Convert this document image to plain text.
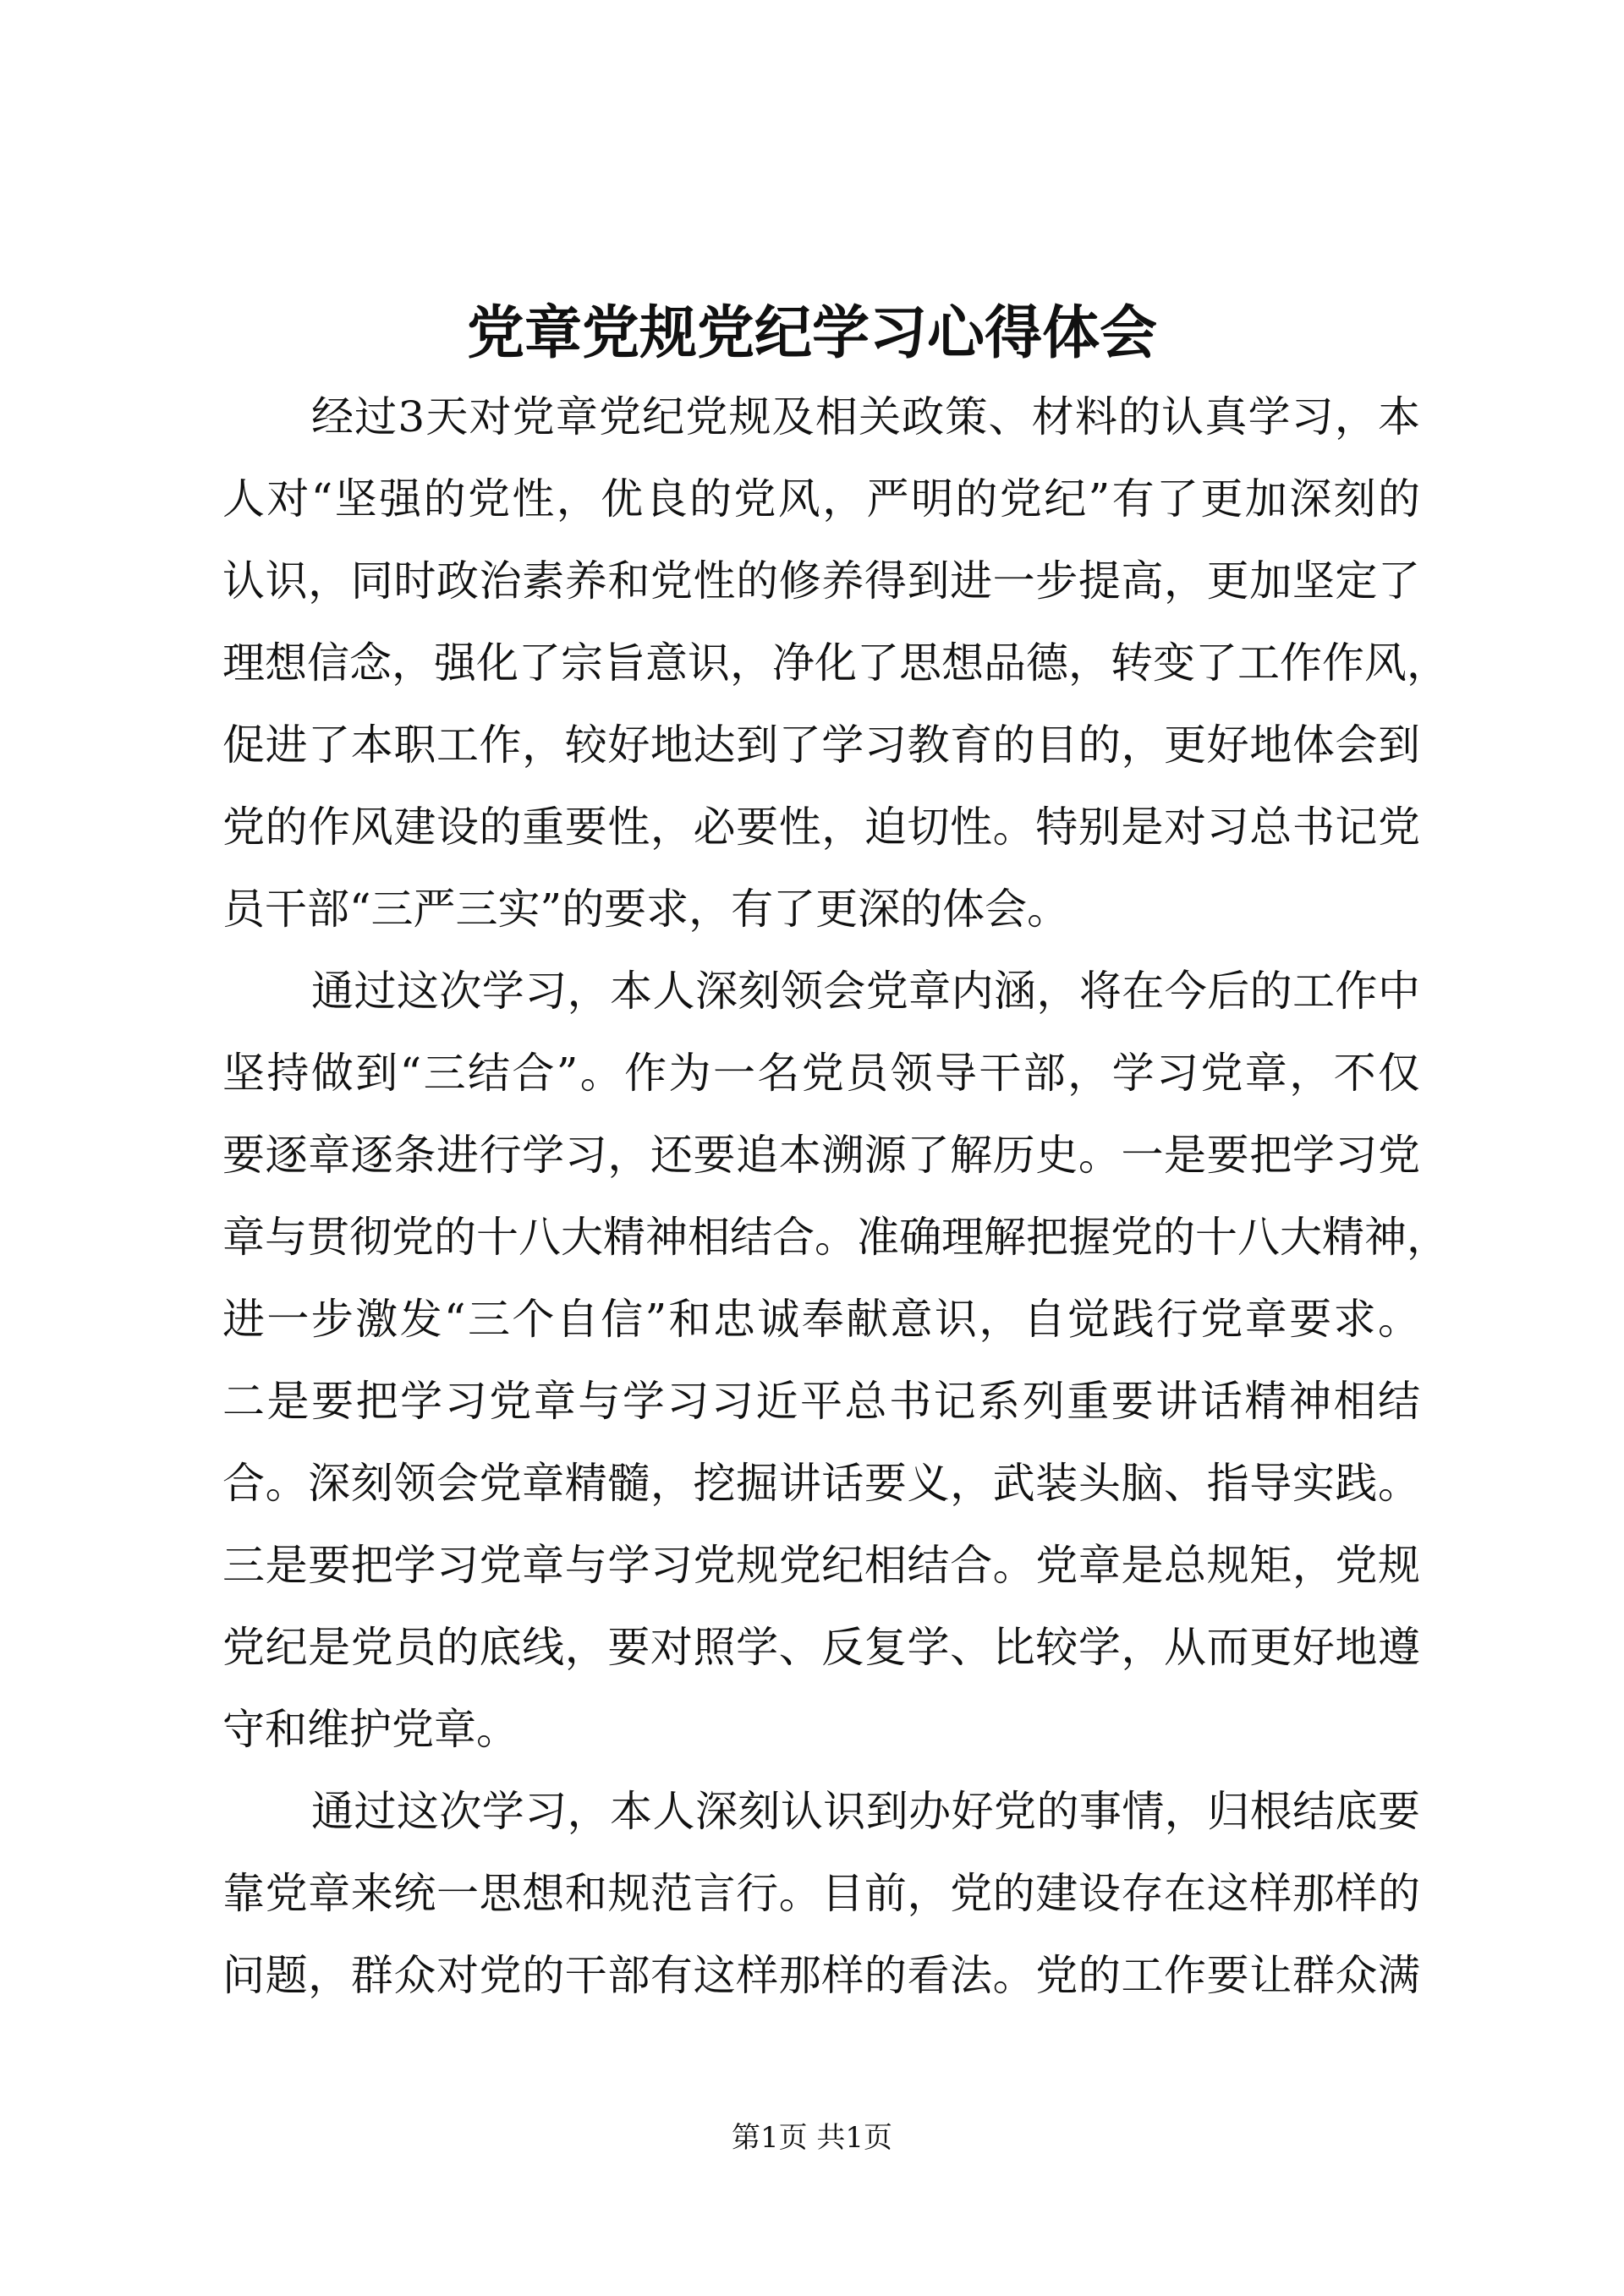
党章党规党纪学习心得体会
经过3天对党章党纪党规及相关政策、材料的认真学习，本
人对“坚强的党性，优良的党风，严明的党纪”有了更加深刻的
认识，同时政治素养和党性的修养得到进一步提高，更加坚定了
理想信念，强化了宗旨意识，净化了思想品德，转变了工作作风，
促进了本职工作，较好地达到了学习教育的目的，更好地体会到
党的作风建设的重要性，必要性，迫切性。特别是对习总书记党
员干部“三严三实”的要求，有了更深的体会。
通过这次学习，本人深刻领会党章内涵，将在今后的工作中
坚持做到“三结合”。作为一名党员领导干部，学习党章，不仅
要逐章逐条进行学习，还要追本溯源了解历史。一是要把学习党
章与贯彻党的十八大精神相结合。准确理解把握党的十八大精神，
进一步激发“三个自信”和忠诚奉献意识，自觉践行党章要求。
二是要把学习党章与学习习近平总书记系列重要讲话精神相结
合。深刻领会党章精髓，挖掘讲话要义，武装头脑、指导实践。
三是要把学习党章与学习党规党纪相结合。党章是总规矩，党规
党纪是党员的底线，要对照学、反复学、比较学，从而更好地遵
守和维护党章。
通过这次学习，本人深刻认识到办好党的事情，归根结底要
靠党章来统一思想和规范言行。目前，党的建设存在这样那样的
问题，群众对党的干部有这样那样的看法。党的工作要让群众满
第1页 共1页
